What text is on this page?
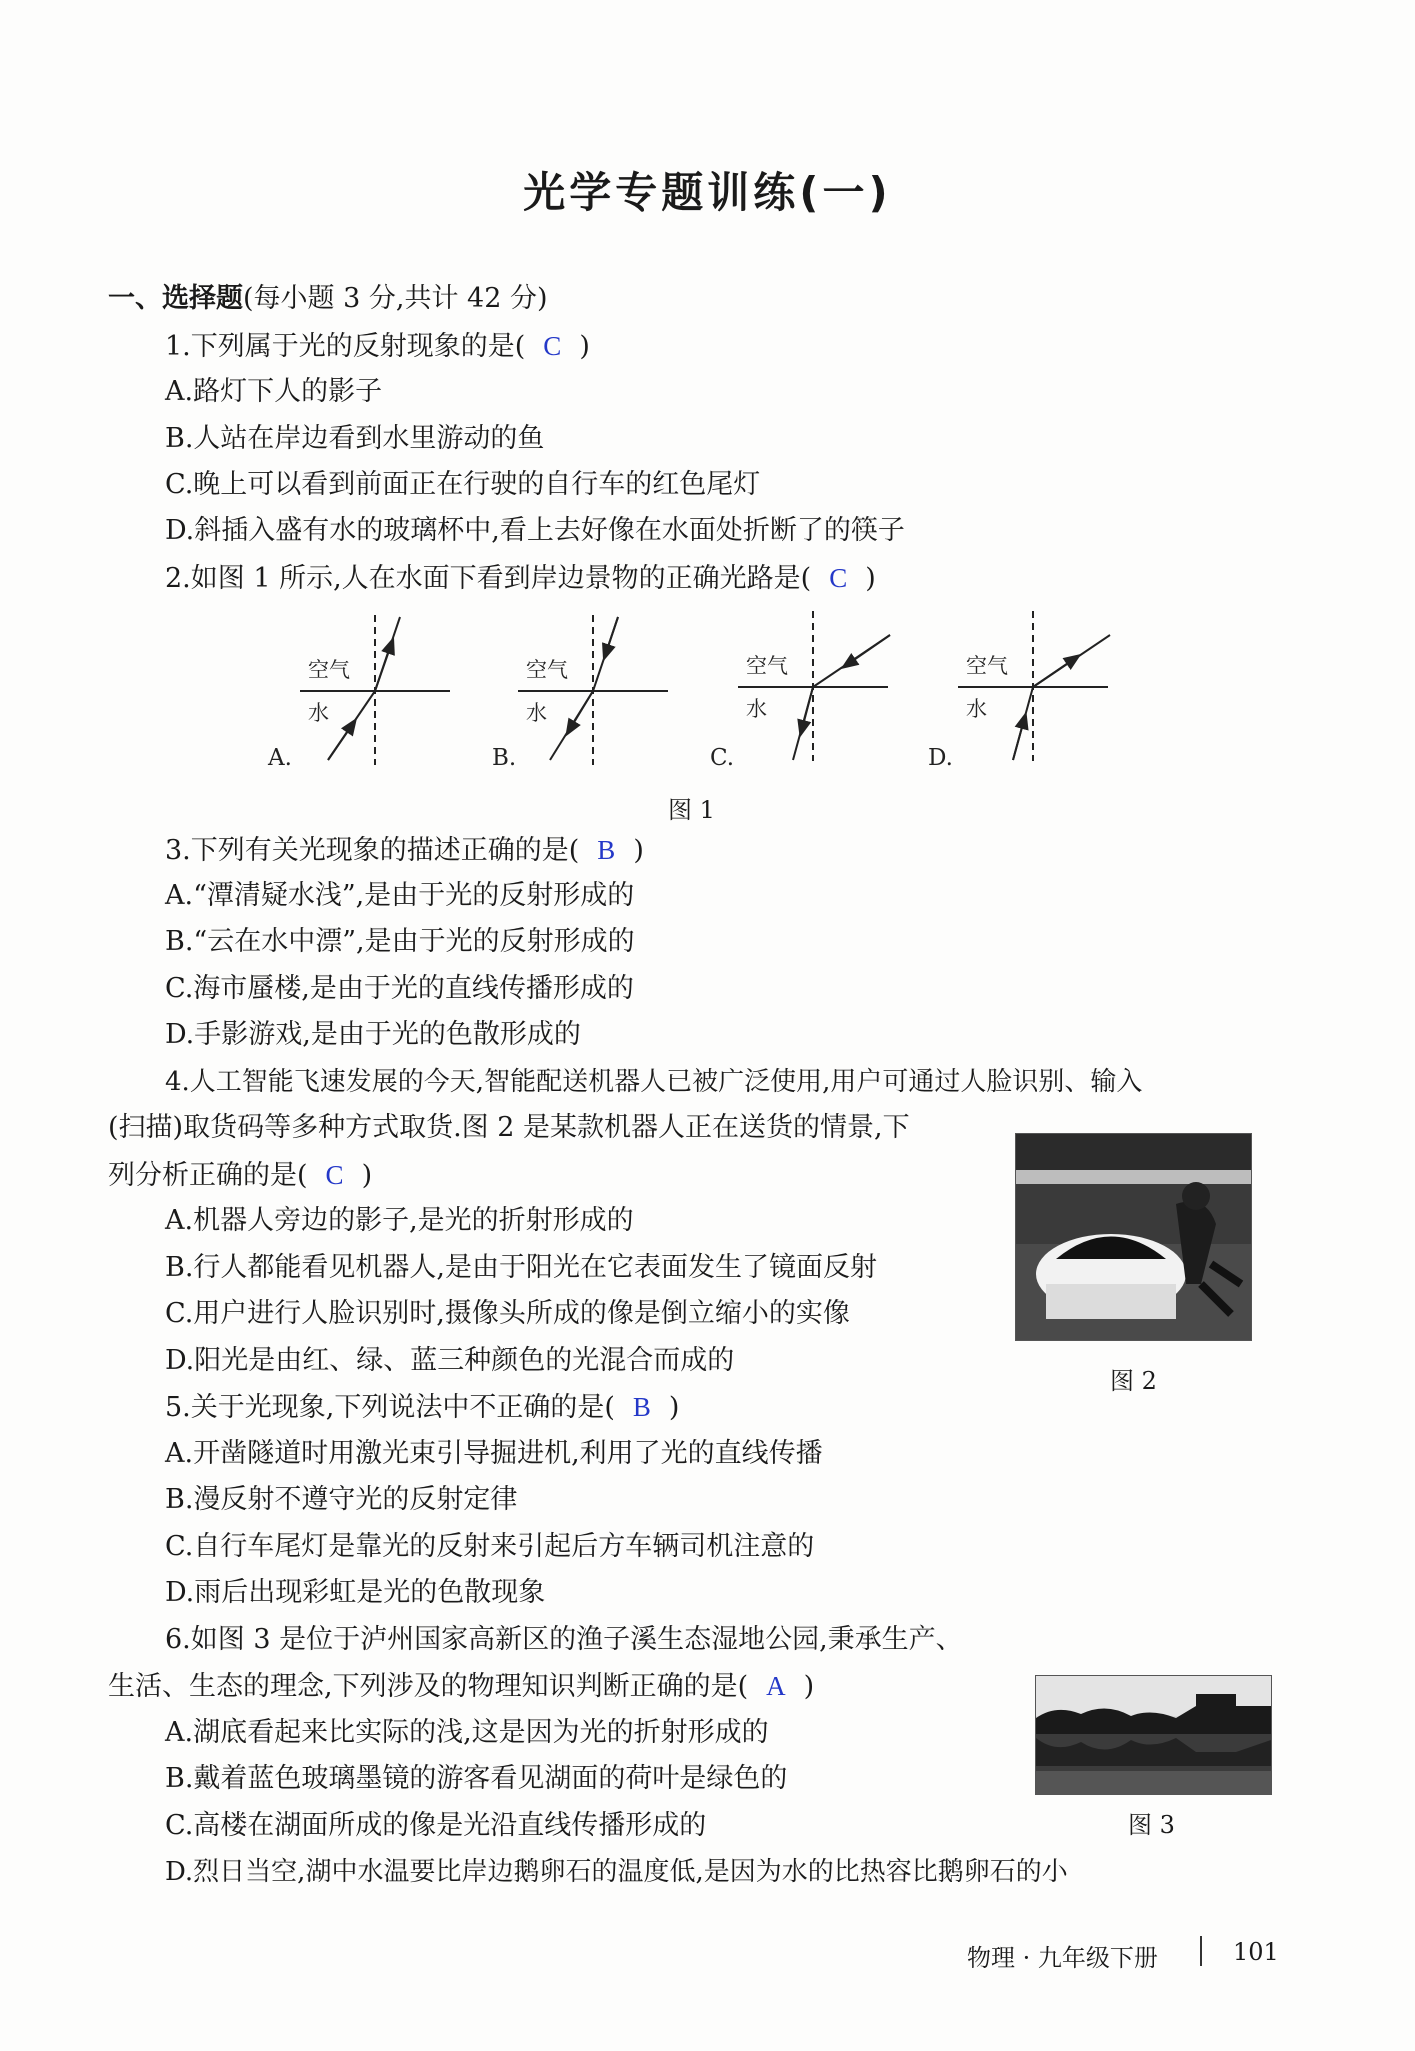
光学专题训练(一)
一、选择题(每小题 3 分,共计 42 分)
1.下列属于光的反射现象的是( C )
A.路灯下人的影子
B.人站在岸边看到水里游动的鱼
C.晚上可以看到前面正在行驶的自行车的红色尾灯
D.斜插入盛有水的玻璃杯中,看上去好像在水面处折断了的筷子
2.如图 1 所示,人在水面下看到岸边景物的正确光路是( C )
空气
水
A.
空气
水
B.
空气
水
C.
空气
水
D.
图 1
3.下列有关光现象的描述正确的是( B )
A.“潭清疑水浅”,是由于光的反射形成的
B.“云在水中漂”,是由于光的反射形成的
C.海市蜃楼,是由于光的直线传播形成的
D.手影游戏,是由于光的色散形成的
4.人工智能飞速发展的今天,智能配送机器人已被广泛使用,用户可通过人脸识别、输入
(扫描)取货码等多种方式取货.图 2 是某款机器人正在送货的情景,下
列分析正确的是( C )
A.机器人旁边的影子,是光的折射形成的
B.行人都能看见机器人,是由于阳光在它表面发生了镜面反射
C.用户进行人脸识别时,摄像头所成的像是倒立缩小的实像
D.阳光是由红、绿、蓝三种颜色的光混合而成的
图 2
5.关于光现象,下列说法中不正确的是( B )
A.开凿隧道时用激光束引导掘进机,利用了光的直线传播
B.漫反射不遵守光的反射定律
C.自行车尾灯是靠光的反射来引起后方车辆司机注意的
D.雨后出现彩虹是光的色散现象
6.如图 3 是位于泸州国家高新区的渔子溪生态湿地公园,秉承生产、
生活、生态的理念,下列涉及的物理知识判断正确的是( A )
A.湖底看起来比实际的浅,这是因为光的折射形成的
B.戴着蓝色玻璃墨镜的游客看见湖面的荷叶是绿色的
C.高楼在湖面所成的像是光沿直线传播形成的
D.烈日当空,湖中水温要比岸边鹅卵石的温度低,是因为水的比热容比鹅卵石的小
图 3
物理 · 九年级下册	101
